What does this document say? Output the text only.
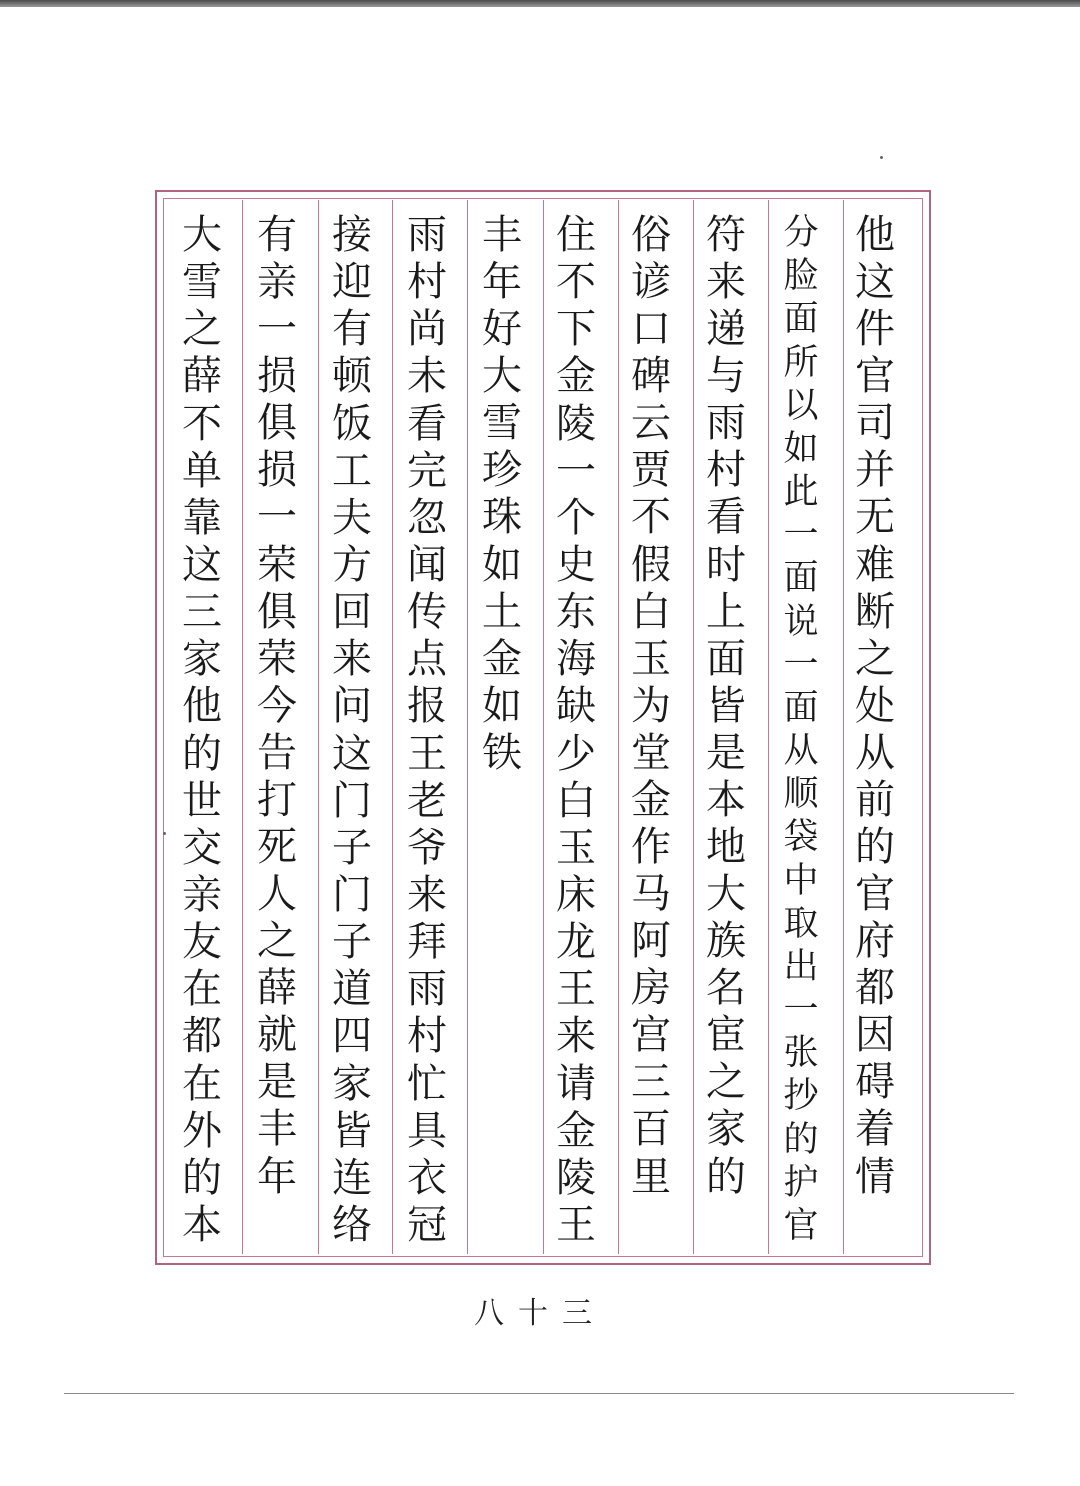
他
这
件
官
司
并
无
难
断
之
处
从
前
的
官
府
都
因
碍
着
情
分
脸
面
所
以
如
此
一
面
说
一
面
从
顺
袋
中
取
出
一
张
抄
的
护
官
符
来
递
与
雨
村
看
时
上
面
皆
是
本
地
大
族
名
宦
之
家
的
俗
谚
口
碑
云
贾
不
假
白
玉
为
堂
金
作
马
阿
房
宫
三
百
里
住
不
下
金
陵
一
个
史
东
海
缺
少
白
玉
床
龙
王
来
请
金
陵
王
丰
年
好
大
雪
珍
珠
如
土
金
如
铁
雨
村
尚
未
看
完
忽
闻
传
点
报
王
老
爷
来
拜
雨
村
忙
具
衣
冠
接
迎
有
顿
饭
工
夫
方
回
来
问
这
门
子
门
子
道
四
家
皆
连
络
有
亲
一
损
俱
损
一
荣
俱
荣
今
告
打
死
人
之
薛
就
是
丰
年
大
雪
之
薛
不
单
靠
这
三
家
他
的
世
交
亲
友
在
都
在
外
的
本
八十三
